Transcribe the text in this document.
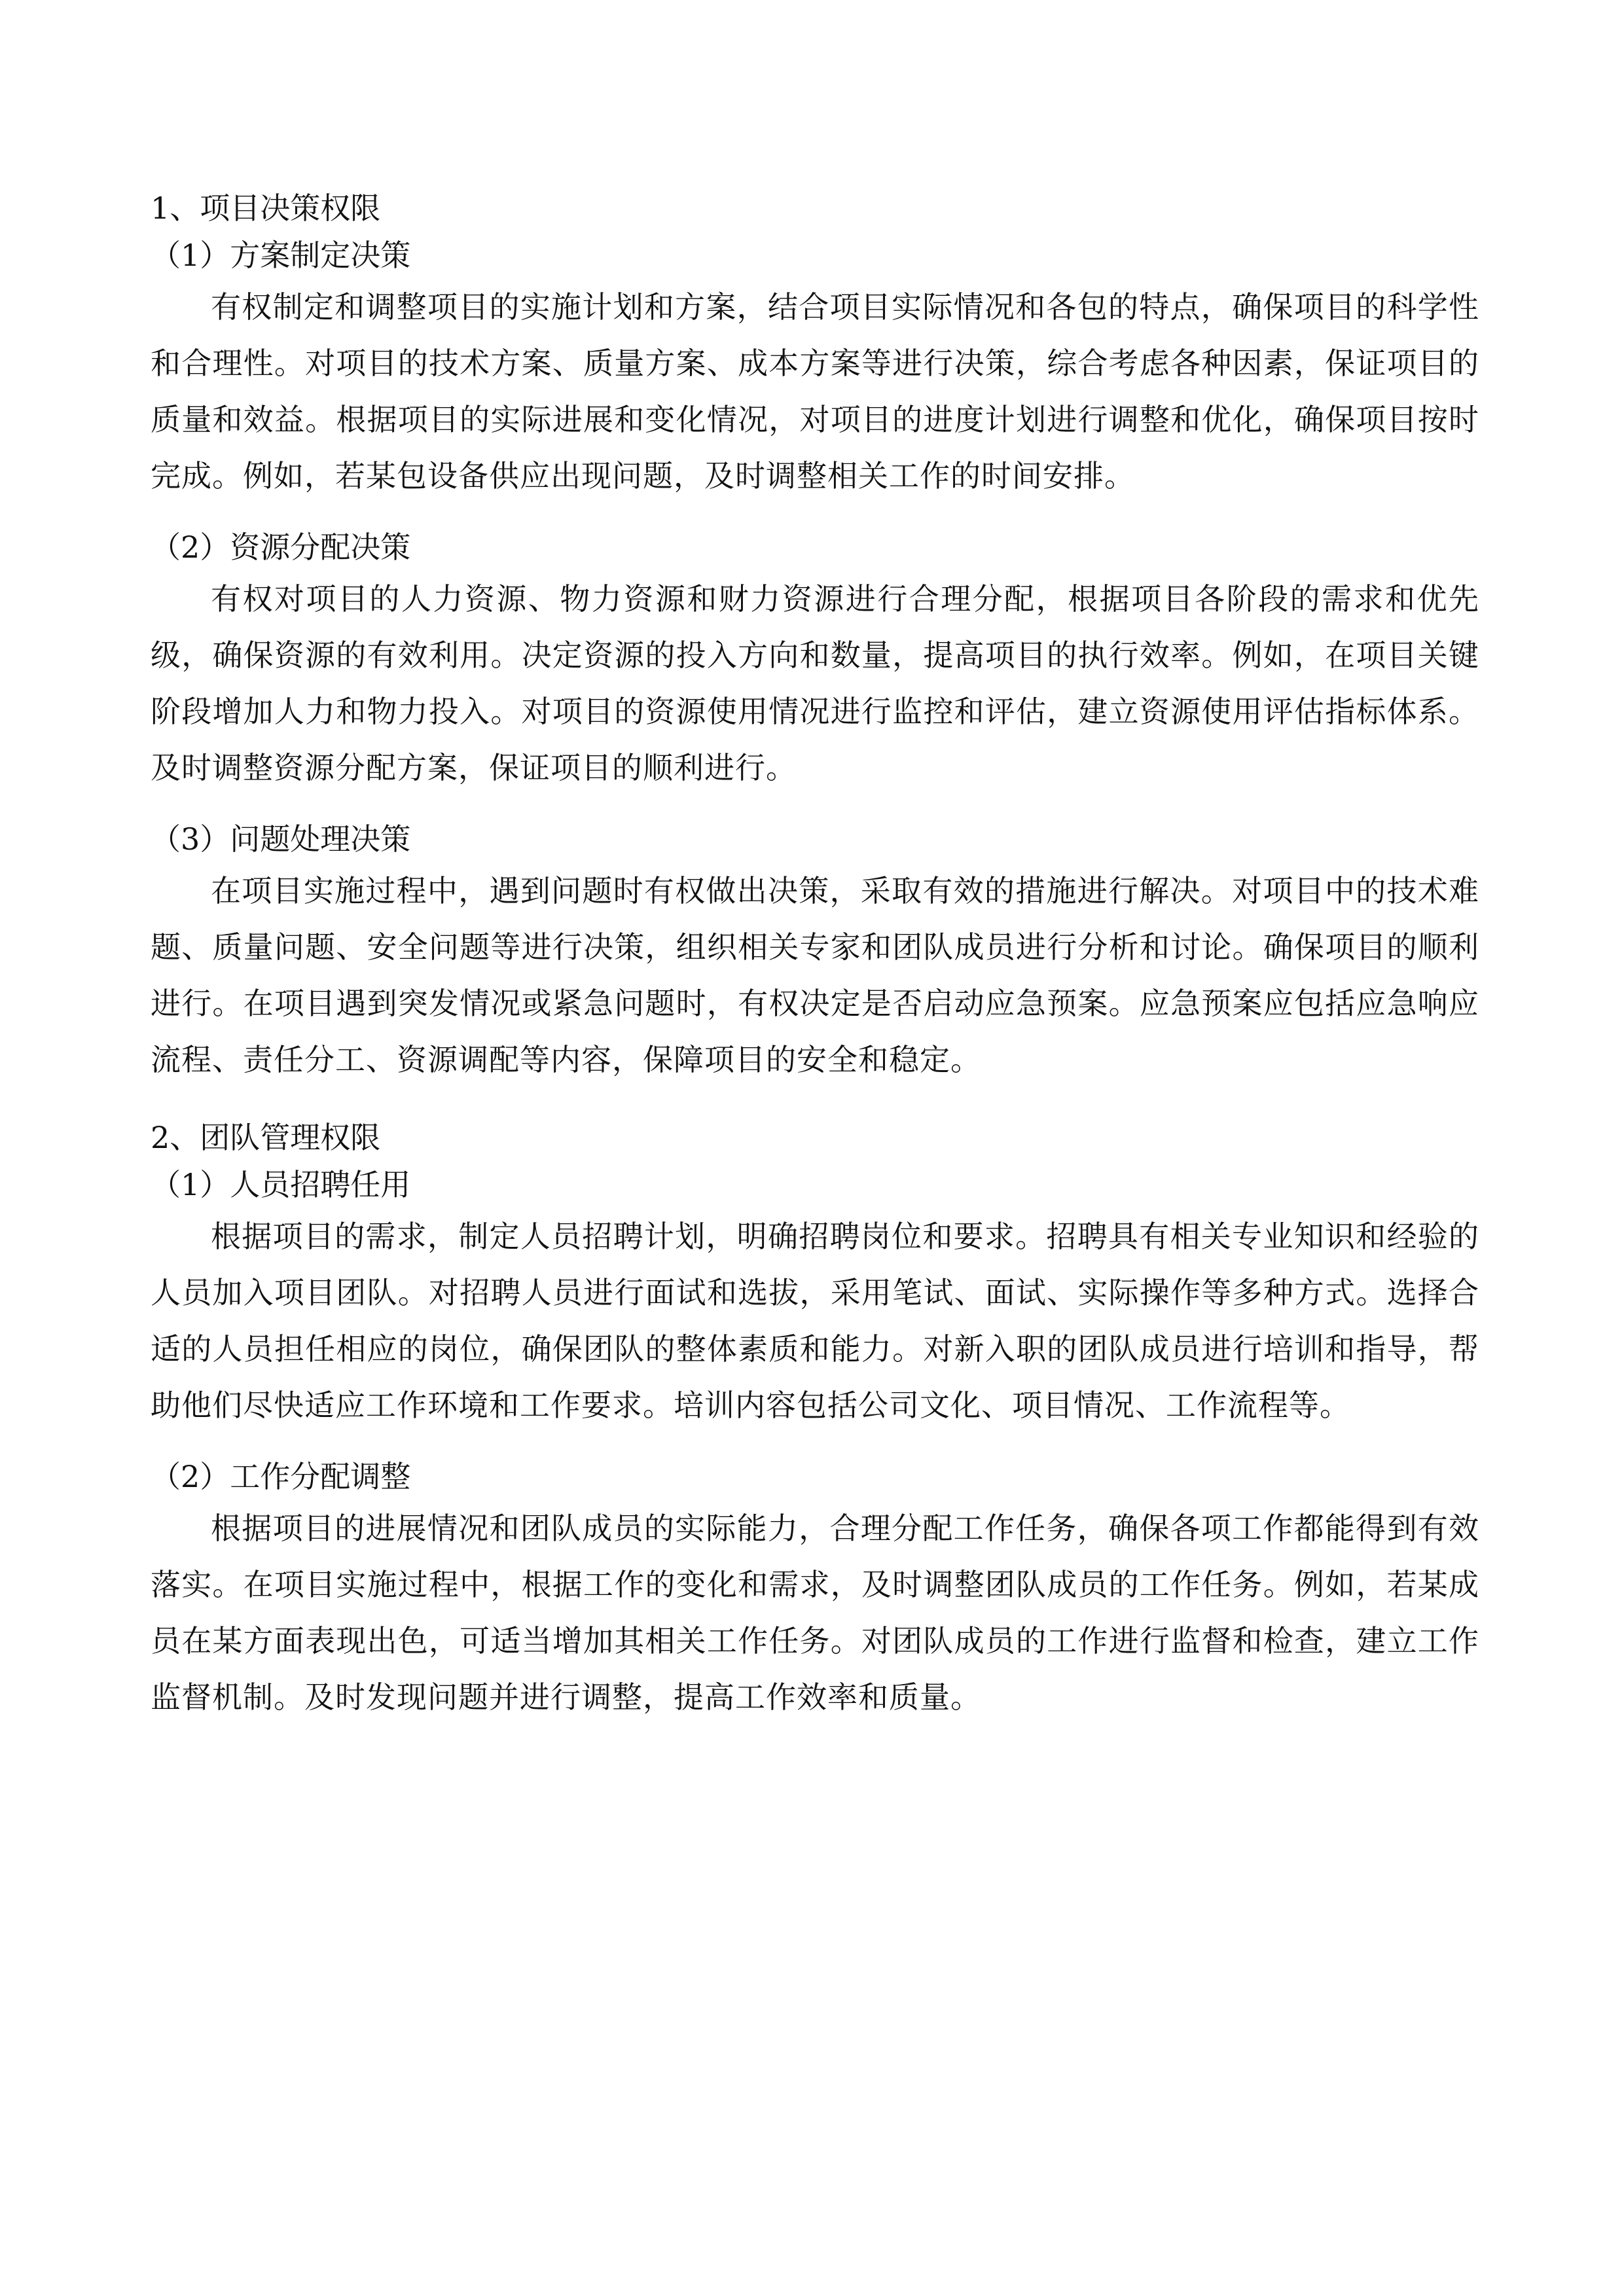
1、项目决策权限

（1）方案制定决策

有权制定和调整项目的实施计划和方案，结合项目实际情况和各包的特点，确保项目的科学性和合理性。对项目的技术方案、质量方案、成本方案等进行决策，综合考虑各种因素，保证项目的质量和效益。根据项目的实际进展和变化情况，对项目的进度计划进行调整和优化，确保项目按时完成。例如，若某包设备供应出现问题，及时调整相关工作的时间安排。

（2）资源分配决策

有权对项目的人力资源、物力资源和财力资源进行合理分配，根据项目各阶段的需求和优先级，确保资源的有效利用。决定资源的投入方向和数量，提高项目的执行效率。例如，在项目关键阶段增加人力和物力投入。对项目的资源使用情况进行监控和评估，建立资源使用评估指标体系。及时调整资源分配方案，保证项目的顺利进行。

（3）问题处理决策

在项目实施过程中，遇到问题时有权做出决策，采取有效的措施进行解决。对项目中的技术难题、质量问题、安全问题等进行决策，组织相关专家和团队成员进行分析和讨论。确保项目的顺利进行。在项目遇到突发情况或紧急问题时，有权决定是否启动应急预案。应急预案应包括应急响应流程、责任分工、资源调配等内容，保障项目的安全和稳定。

2、团队管理权限

（1）人员招聘任用

根据项目的需求，制定人员招聘计划，明确招聘岗位和要求。招聘具有相关专业知识和经验的人员加入项目团队。对招聘人员进行面试和选拔，采用笔试、面试、实际操作等多种方式。选择合适的人员担任相应的岗位，确保团队的整体素质和能力。对新入职的团队成员进行培训和指导，帮助他们尽快适应工作环境和工作要求。培训内容包括公司文化、项目情况、工作流程等。

（2）工作分配调整

根据项目的进展情况和团队成员的实际能力，合理分配工作任务，确保各项工作都能得到有效落实。在项目实施过程中，根据工作的变化和需求，及时调整团队成员的工作任务。例如，若某成员在某方面表现出色，可适当增加其相关工作任务。对团队成员的工作进行监督和检查，建立工作监督机制。及时发现问题并进行调整，提高工作效率和质量。
